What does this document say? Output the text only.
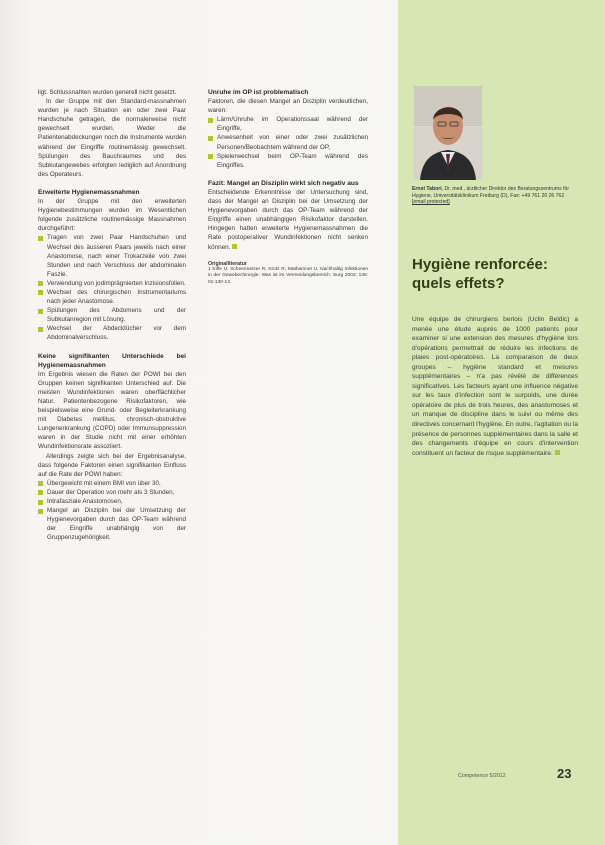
ligt. Schlussnahten wurden generell nicht gesetzt.

In der Gruppe mit den Standard-massnahmen wurden je nach Situation ein oder zwei Paar Handschuhe getragen, die normalerweise nicht gewechselt wurden. Weder die Patientenabdeckungen noch die Instrumente wurden während der Eingriffe routinemässig gewechselt. Spülungen des Bauchraumes und des Subkutangewebes erfolgten lediglich auf Anordnung des Operateurs.

Erweiterte Hygienemassnahmen

In der Gruppe mit den erweiterten Hygienebestimmungen wurden im Wesentlichen folgende zusätzliche routinemässige Massnahmen durchgeführt:

Tragen von zwei Paar Handschuhen und Wechsel des äusseren Paars jeweils nach einer Anastomose, nach einer Trokarzeile von zwei Stunden und nach Verschluss der abdominalen Faszie.
Verwendung von jodimprägnierten Inzisionsfolien.
Wechsel des chirurgischen Instrumentariums nach jeder Anastomose.
Spülungen des Abdomens und der Subkutanregion mit Lösung.
Wechsel der Abdecktücher vor dem Abdominalverschluss.
Keine signifikanten Unterschiede bei Hygienemassnahmen

Im Ergebnis wiesen die Raten der POWI bei den Gruppen keinen signifikanten Unterschied auf. Die meisten Wundinfektionen waren oberflächlicher Natur. Patientenbezogene Risikofaktoren, wie beispielsweise eine Grund- oder Begleiterkrankung mit Diabetes mellitus, chronisch-obstruktive Lungenerkrankung (COPD) oder Immunsuppression waren in der Studie nicht mit einer erhöhten Wundinfektionsrate assoziiert.

Allerdings zeigte sich bei der Ergebnisanalyse, dass folgende Faktoren einen signifikanten Einfluss auf die Rate der POWI haben:

Übergewicht mit einem BMI von über 30,
Dauer der Operation von mehr als 3 Stunden,
Intrafasziale Anastomosen,
Mangel an Disziplin bei der Umsetzung der Hygienevorgaben durch das OP-Team während der Eingriffe unabhängig von der Gruppenzugehörigkeit.
Unruhe im OP ist problematisch

Faktoren, die diesen Mangel an Disziplin verdeutlichen, waren:

Lärm/Unruhe im Operationssaal während der Eingriffe,
Anwesenheit von einer oder zwei zusätzlichen Personen/Beobachtern während der OP,
Spielerwechsel beim OP-Team während des Eingriffes.
Fazit: Mangel an Disziplin wirkt sich negativ aus

Entscheidende Erkenntnisse der Untersuchung sind, dass der Mangel an Disziplin bei der Umsetzung der Hygienevorgaben durch das OP-Team während der Eingriffe einen unabhängigen Risikofaktor darstellen. Hingegen hatten erweiterte Hygienemassnahmen die Rate postoperativer Wundinfektionen nicht senken können.

Originalliteratur
1 Kiffe U, Scheermetzer R, Krotz R, Mathamnet U. Nachhaltig Infektionen in der Gewebechirurgie: Was ist im Vermeidungsbereich. Surg 2002; 136: 01-130-13.
Ernst Tabori, Dr. med., ärztlicher Direktor des Beratungszentrums für Hygiene, Universitätsklinikum Freiburg (D), Fax: +49 761 20 26 762
[email protected]
Hygiène renforcée:
quels effets?
Une équipe de chirurgiens berlois (Uclin Beldic) a menée une étude auprès de 1000 patients pour examiner si une extension des mesures d'hygiène lors d'opérations permettrait de réduire les infections de plaies post-opératoires. La comparaison de deux groupes – hygiène standard et mesures supplémentaires – n'a pas révélé de différences significatives. Les facteurs ayant une influence négative sur les taux d'infection sont le surpoids, une durée opératoire de plus de trois heures, des anastomoses et un manque de discipline dans le suivi ou même des directives concernant l'hygiène. En outre, l'agitation ou la présence de personnes supplémentaires dans la salle et des changements d'équipe en cours d'intervention constituent un facteur de risque supplémentaire.
Competence 5/2012	23
